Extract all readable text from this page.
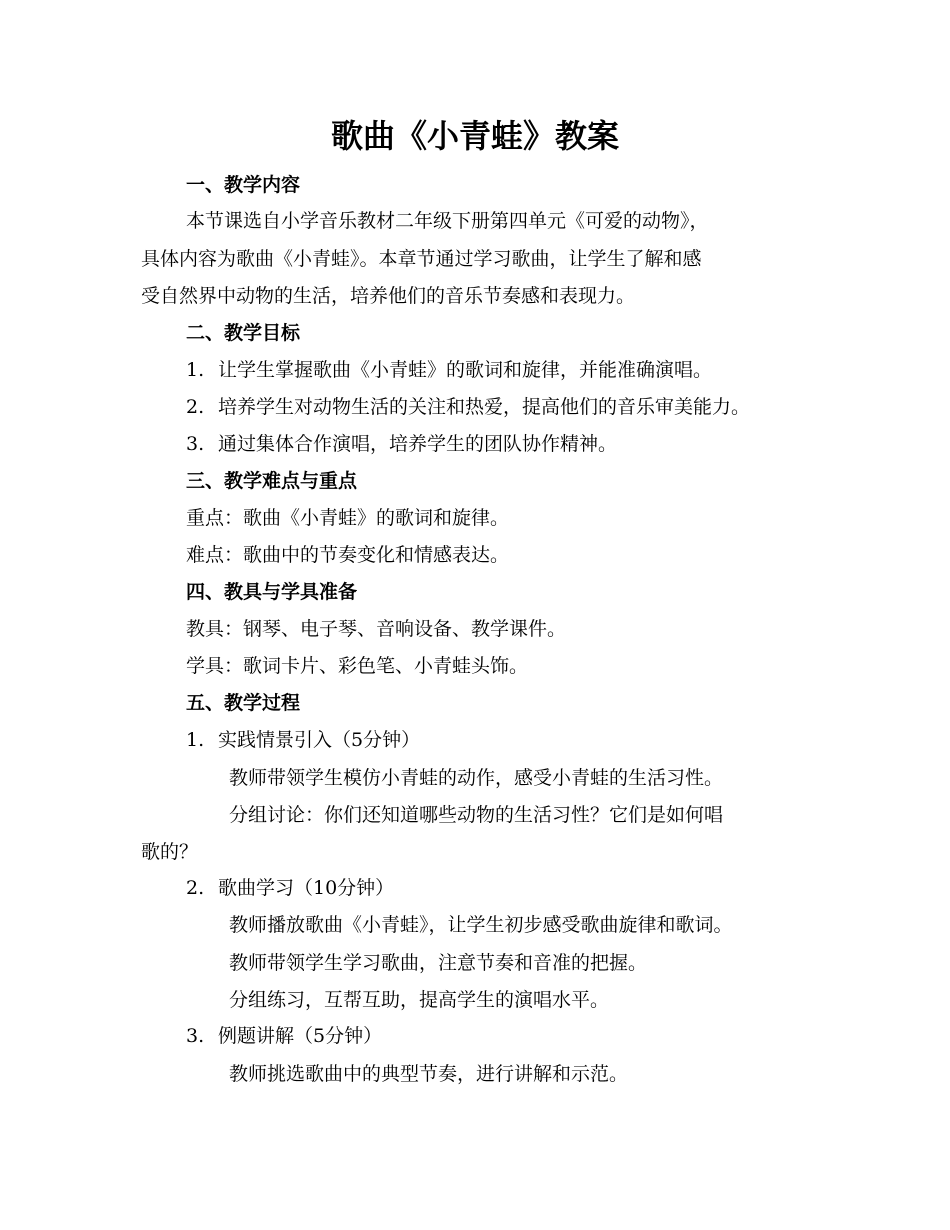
歌曲《小青蛙》教案
一、教学内容
本节课选自小学音乐教材二年级下册第四单元《可爱的动物》，
具体内容为歌曲《小青蛙》。本章节通过学习歌曲，让学生了解和感
受自然界中动物的生活，培养他们的音乐节奏感和表现力。
二、教学目标
1. 让学生掌握歌曲《小青蛙》的歌词和旋律，并能准确演唱。
2. 培养学生对动物生活的关注和热爱，提高他们的音乐审美能力。
3. 通过集体合作演唱，培养学生的团队协作精神。
三、教学难点与重点
重点：歌曲《小青蛙》的歌词和旋律。
难点：歌曲中的节奏变化和情感表达。
四、教具与学具准备
教具：钢琴、电子琴、音响设备、教学课件。
学具：歌词卡片、彩色笔、小青蛙头饰。
五、教学过程
1. 实践情景引入（5分钟）
教师带领学生模仿小青蛙的动作，感受小青蛙的生活习性。
分组讨论：你们还知道哪些动物的生活习性？它们是如何唱
歌的？
2. 歌曲学习（10分钟）
教师播放歌曲《小青蛙》，让学生初步感受歌曲旋律和歌词。
教师带领学生学习歌曲，注意节奏和音准的把握。
分组练习，互帮互助，提高学生的演唱水平。
3. 例题讲解（5分钟）
教师挑选歌曲中的典型节奏，进行讲解和示范。
